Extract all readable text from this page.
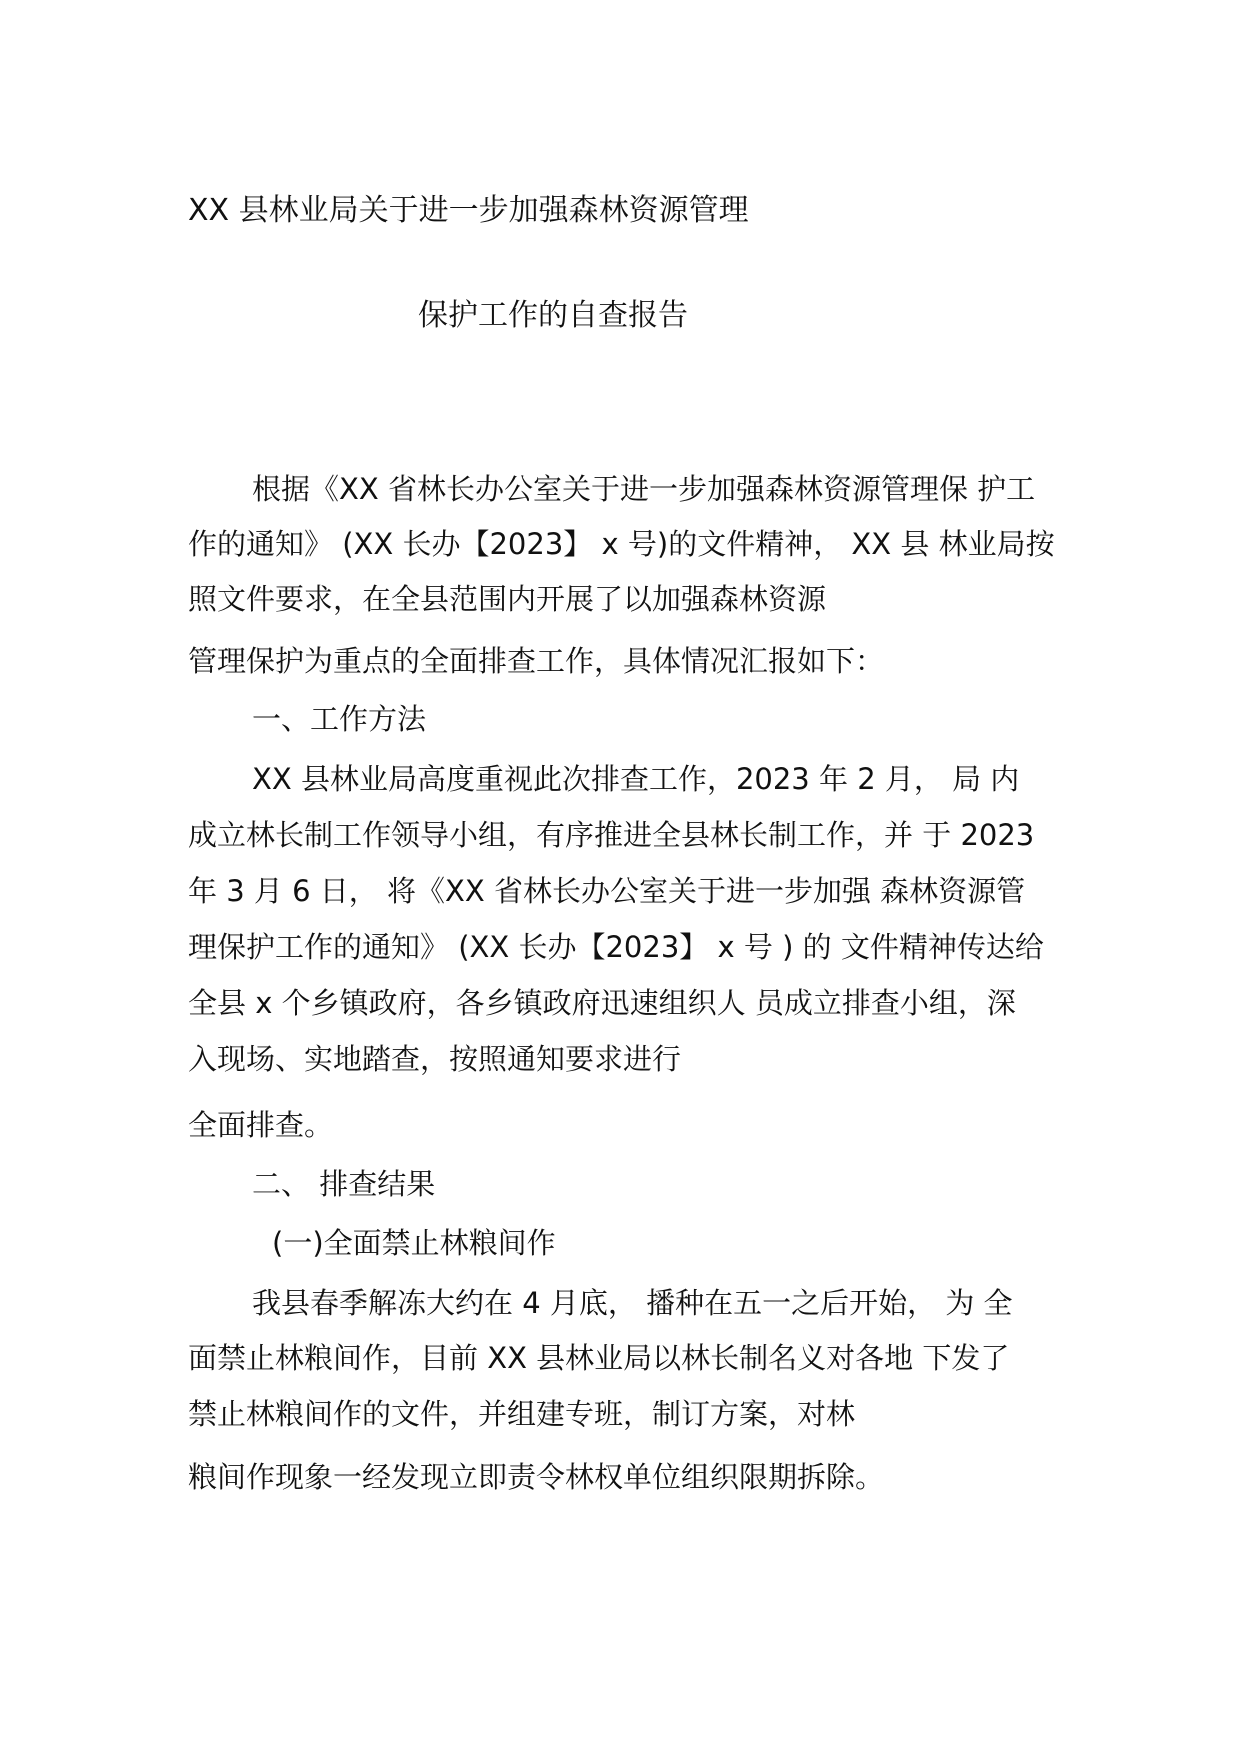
XX 县林业局关于进一步加强森林资源管理
保护工作的自查报告
根据《XX 省林长办公室关于进一步加强森林资源管理保 护工
作的通知》 (XX 长办【2023】 x 号)的文件精神， XX 县 林业局按
照文件要求，在全县范围内开展了以加强森林资源
管理保护为重点的全面排查工作，具体情况汇报如下：
一、工作方法
XX 县林业局高度重视此次排查工作，2023 年 2 月， 局 内
成立林长制工作领导小组，有序推进全县林长制工作，并 于 2023
年 3 月 6 日， 将《XX 省林长办公室关于进一步加强 森林资源管
理保护工作的通知》 (XX 长办【2023】 x 号 ) 的 文件精神传达给
全县 x 个乡镇政府，各乡镇政府迅速组织人 员成立排查小组，深
入现场、实地踏查，按照通知要求进行
全面排查。
二、 排查结果
(一)全面禁止林粮间作
我县春季解冻大约在 4 月底， 播种在五一之后开始， 为 全
面禁止林粮间作，目前 XX 县林业局以林长制名义对各地 下发了
禁止林粮间作的文件，并组建专班，制订方案，对林
粮间作现象一经发现立即责令林权单位组织限期拆除。
